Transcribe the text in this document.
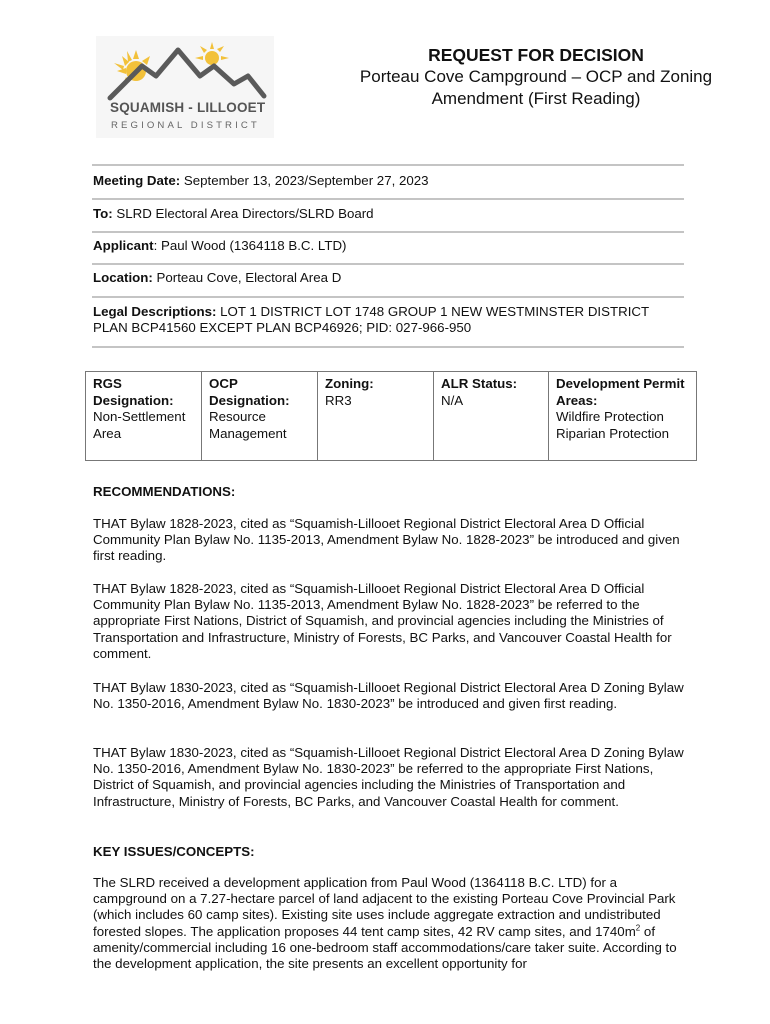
SQUAMISH - LILLOOET
REGIONAL DISTRICT
REQUEST FOR DECISION
Porteau Cove Campground – OCP and Zoning
Amendment (First Reading)
Meeting Date: September 13, 2023/September 27, 2023
To: SLRD Electoral Area Directors/SLRD Board
Applicant: Paul Wood (1364118 B.C. LTD)
Location: Porteau Cove, Electoral Area D
Legal Descriptions: LOT 1 DISTRICT LOT 1748 GROUP 1 NEW WESTMINSTER DISTRICT PLAN BCP41560 EXCEPT PLAN BCP46926; PID: 027-966-950
RGS Designation:
Non-Settlement Area	
OCP Designation:
Resource Management	
Zoning:
RR3	
ALR Status:
N/A	
Development Permit Areas:
Wildfire Protection
Riparian Protection
RECOMMENDATIONS:

THAT Bylaw 1828-2023, cited as “Squamish-Lillooet Regional District Electoral Area D Official Community Plan Bylaw No. 1135-2013, Amendment Bylaw No. 1828-2023” be introduced and given first reading.

THAT Bylaw 1828-2023, cited as “Squamish-Lillooet Regional District Electoral Area D Official Community Plan Bylaw No. 1135-2013, Amendment Bylaw No. 1828-2023” be referred to the appropriate First Nations, District of Squamish, and provincial agencies including the Ministries of Transportation and Infrastructure, Ministry of Forests, BC Parks, and Vancouver Coastal Health for comment.

THAT Bylaw 1830-2023, cited as “Squamish-Lillooet Regional District Electoral Area D Zoning Bylaw No. 1350-2016, Amendment Bylaw No. 1830-2023” be introduced and given first reading.

THAT Bylaw 1830-2023, cited as “Squamish-Lillooet Regional District Electoral Area D Zoning Bylaw No. 1350-2016, Amendment Bylaw No. 1830-2023” be referred to the appropriate First Nations, District of Squamish, and provincial agencies including the Ministries of Transportation and Infrastructure, Ministry of Forests, BC Parks, and Vancouver Coastal Health for comment.

KEY ISSUES/CONCEPTS:

The SLRD received a development application from Paul Wood (1364118 B.C. LTD) for a campground on a 7.27-hectare parcel of land adjacent to the existing Porteau Cove Provincial Park (which includes 60 camp sites). Existing site uses include aggregate extraction and undistributed forested slopes. The application proposes 44 tent camp sites, 42 RV camp sites, and $1740m^2$ of amenity/commercial including 16 one-bedroom staff accommodations/care taker suite. According to the development application, the site presents an excellent opportunity for
